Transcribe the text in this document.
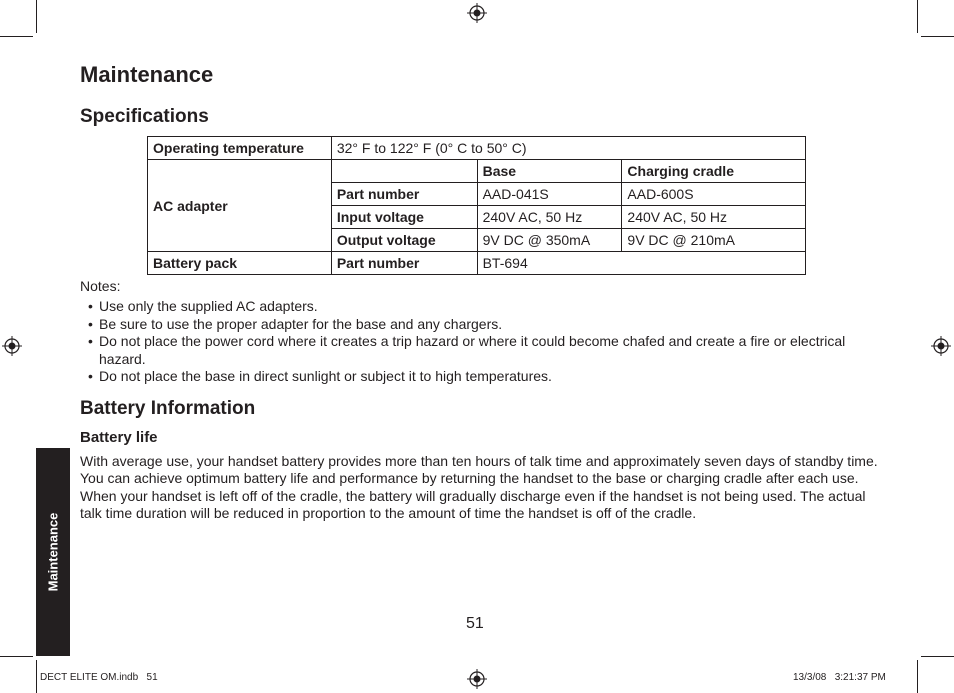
Maintenance
Specifications
Operating temperature	32° F to 122° F (0° C to 50° C)		
AC adapter		Base	Charging cradle
	Part number	AAD-041S	AAD-600S
	Input voltage	240V AC, 50 Hz	240V AC, 50 Hz
	Output voltage	9V DC @ 350mA	9V DC @ 210mA
Battery pack	Part number	BT-694	
Notes:
• Use only the supplied AC adapters.
• Be sure to use the proper adapter for the base and any chargers.
• Do not place the power cord where it creates a trip hazard or where it could become chafed and create a fire or electrical hazard.
• Do not place the base in direct sunlight or subject it to high temperatures.
Battery Information
Battery life
With average use, your handset battery provides more than ten hours of talk time and approximately seven days of standby time. You can achieve optimum battery life and performance by returning the handset to the base or charging cradle after each use. When your handset is left off of the cradle, the battery will gradually discharge even if the handset is not being used. The actual talk time duration will be reduced in proportion to the amount of time the handset is off of the cradle.
Maintenance
51
DECT ELITE OM.indb   51	13/3/08   3:21:37 PM
